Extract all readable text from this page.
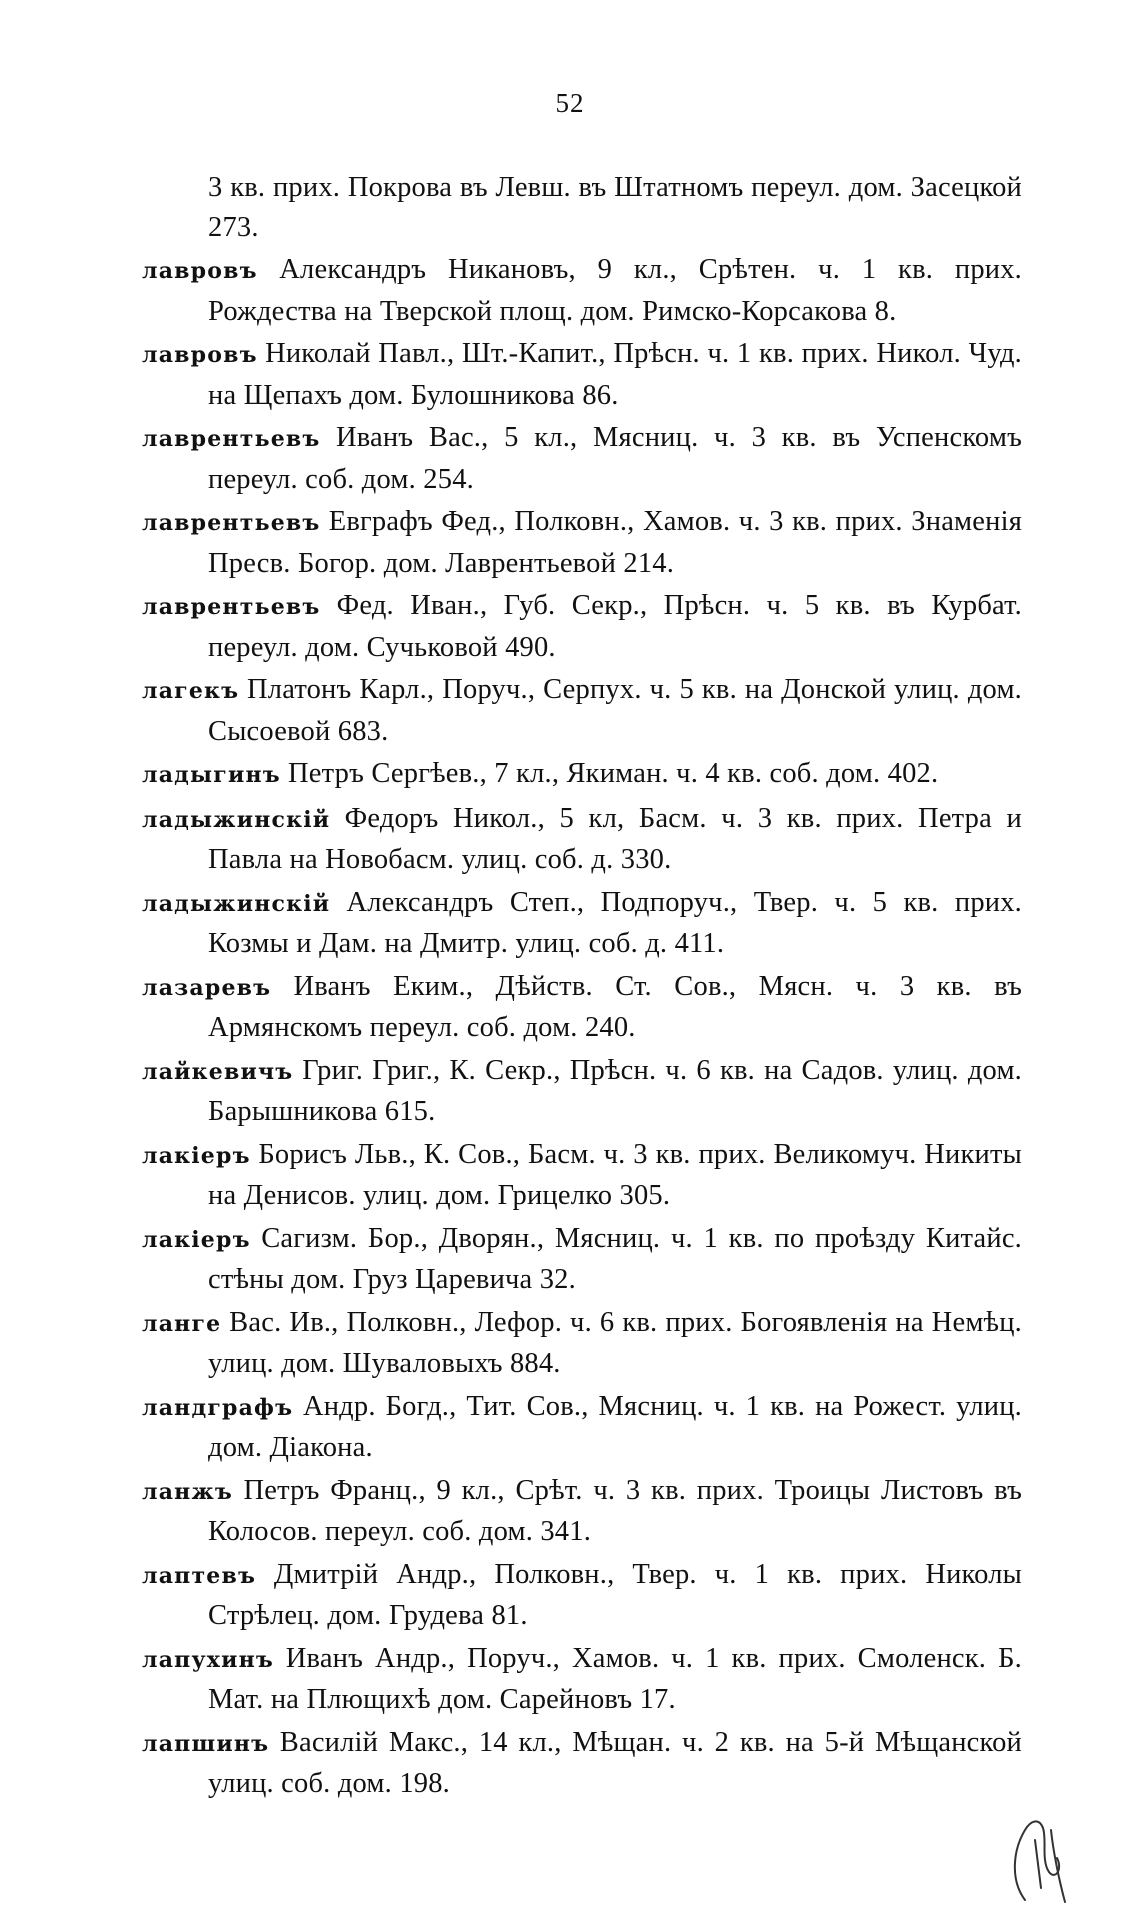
52

3 кв. прих. Покрова въ Левш. въ Штатномъ переул. дом. Засецкой 273.

лавровъ Александръ Никановъ, 9 кл., Срѣтен. ч. 1 кв. прих. Рождества на Тверской площ. дом. Римско-Корсакова 8.

лавровъ Николай Павл., Шт.-Капит., Прѣсн. ч. 1 кв. прих. Никол. Чуд. на Щепахъ дом. Булошникова 86.

лаврентьевъ Иванъ Вас., 5 кл., Мясниц. ч. 3 кв. въ Успенскомъ переул. соб. дом. 254.

лаврентьевъ Евграфъ Фед., Полковн., Хамов. ч. 3 кв. прих. Знаменія Пресв. Богор. дом. Лаврентьевой 214.

лаврентьевъ Фед. Иван., Губ. Секр., Прѣсн. ч. 5 кв. въ Курбат. переул. дом. Сучьковой 490.

лагекъ Платонъ Карл., Поруч., Серпух. ч. 5 кв. на Донской улиц. дом. Сысоевой 683.

ладыгинъ Петръ Сергѣев., 7 кл., Якиман. ч. 4 кв. соб. дом. 402.

ладыжинскій Федоръ Никол., 5 кл, Басм. ч. 3 кв. прих. Петра и Павла на Новобасм. улиц. соб. д. 330.

ладыжинскій Александръ Степ., Подпоруч., Твер. ч. 5 кв. прих. Козмы и Дам. на Дмитр. улиц. соб. д. 411.

лазаревъ Иванъ Еким., Дѣйств. Ст. Сов., Мясн. ч. 3 кв. въ Армянскомъ переул. соб. дом. 240.

лайкевичъ Григ. Григ., К. Секр., Прѣсн. ч. 6 кв. на Садов. улиц. дом. Барышникова 615.

лакіеръ Борисъ Льв., К. Сов., Басм. ч. 3 кв. прих. Великомуч. Никиты на Денисов. улиц. дом. Грицелко 305.

лакіеръ Сагизм. Бор., Дворян., Мясниц. ч. 1 кв. по проѣзду Китайс. стѣны дом. Груз Царевича 32.

ланге Вас. Ив., Полковн., Лефор. ч. 6 кв. прих. Богоявленія на Немѣц. улиц. дом. Шуваловыхъ 884.

ландграфъ Андр. Богд., Тит. Сов., Мясниц. ч. 1 кв. на Рожест. улиц. дом. Діакона.

ланжъ Петръ Франц., 9 кл., Срѣт. ч. 3 кв. прих. Троицы Листовъ въ Колосов. переул. соб. дом. 341.

лаптевъ Дмитрій Андр., Полковн., Твер. ч. 1 кв. прих. Николы Стрѣлец. дом. Грудева 81.

лапухинъ Иванъ Андр., Поруч., Хамов. ч. 1 кв. прих. Смоленск. Б. Мат. на Плющихѣ дом. Сарейновъ 17.

лапшинъ Василій Макс., 14 кл., Мѣщан. ч. 2 кв. на 5-й Мѣщанской улиц. соб. дом. 198.
